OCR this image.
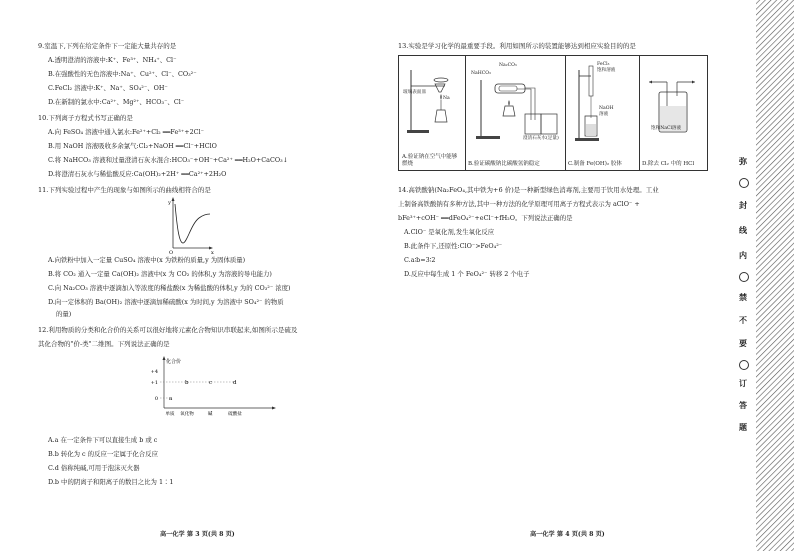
9.室温下,下列在给定条件下一定能大量共存的是
A.透明澄清的溶液中:K⁺、Fe³⁺、NH₄⁺、Cl⁻
B.在强酸性的无色溶液中:Na⁺、Cu²⁺、Cl⁻、CO₃²⁻
C.FeCl₂ 溶液中:K⁺、Na⁺、SO₄²⁻、OH⁻
D.在新制的氯水中:Ca²⁺、Mg²⁺、HCO₃⁻、Cl⁻
10.下列离子方程式书写正确的是
A.向 FeSO₄ 溶液中通入氯水:Fe²⁺+Cl₂ ══Fe³⁺+2Cl⁻
B.用 NaOH 溶液吸收多余氯气:Cl₂+NaOH ══Cl⁻+HClO
C.将 NaHCO₃ 溶液和过量澄清石灰水混合:HCO₃⁻+OH⁻+Ca²⁺ ══H₂O+CaCO₃↓
D.将澄清石灰水与稀盐酸反应:Ca(OH)₂+2H⁺ ══Ca²⁺+2H₂O
11.下列实验过程中产生的现象与如图所示的曲线相符合的是
y
x
O
A.向铁粉中加入一定量 CuSO₄ 溶液中(x 为铁粉的质量,y 为固体质量)
B.将 CO₂ 通入一定量 Ca(OH)₂ 溶液中(x 为 CO₂ 的体积,y 为溶液的导电能力)
C.向 Na₂CO₃ 溶液中逐滴加入等浓度的稀盐酸(x 为稀盐酸的体积,y 为的 CO₃²⁻ 浓度)
D.向一定体积的 Ba(OH)₂ 溶液中逐滴加稀硫酸(x 为时间,y 为溶液中 SO₄²⁻ 的物质
的量)
12.利用物质的分类和化合价的关系可以很好地将元素化合物知识串联起来,如图所示是硫及
其化合物的"价-类"二维图。下列说法正确的是
化合价
+4
+1
0 a
b	c	d
单质 氧化物	碱	硫酸盐
A.a 在一定条件下可以直接生成 b 或 c
B.b 转化为 c 的反应一定属于化合反应
C.d 俗称纯碱,可用于泡沫灭火器
D.b 中的阴离子和阳离子的数目之比为 1∶1
高一化学 第 3 页(共 8 页)
13.实验是学习化学的最重要手段。利用如图所示的装置能够达到相应实验目的的是
玻璃表面皿
Na
A.验证钠在空气中能够燃烧
Na₂CO₃
NaHCO₃
澄清石灰水(足量)
B.验证碳酸钠比碳酸氢钠稳定
FeCl₃
饱和溶液
NaOH
溶液
C.制备 Fe(OH)₂ 胶体
饱和NaCl溶液
D.除去 Cl₂ 中的 HCl
14.高铁酸钠(Na₂FeO₄,其中铁为+6 价)是一种新型绿色消毒剂,主要用于饮用水处理。工业
上制备高铁酸钠有多种方法,其中一种方法的化学原理可用离子方程式表示为 aClO⁻ +
bFe³⁺+cOH⁻ ══dFeO₄²⁻+eCl⁻+fH₂O。下列说法正确的是
A.ClO⁻ 是氧化剂,发生氧化反应
B.此条件下,还原性:ClO⁻>FeO₄²⁻
C.a∶b=3∶2
D.反应中每生成 1 个 FeO₄²⁻ 转移 2 个电子
高一化学 第 4 页(共 8 页)
弥
封
线
内
禁
不
要
订
答
题
